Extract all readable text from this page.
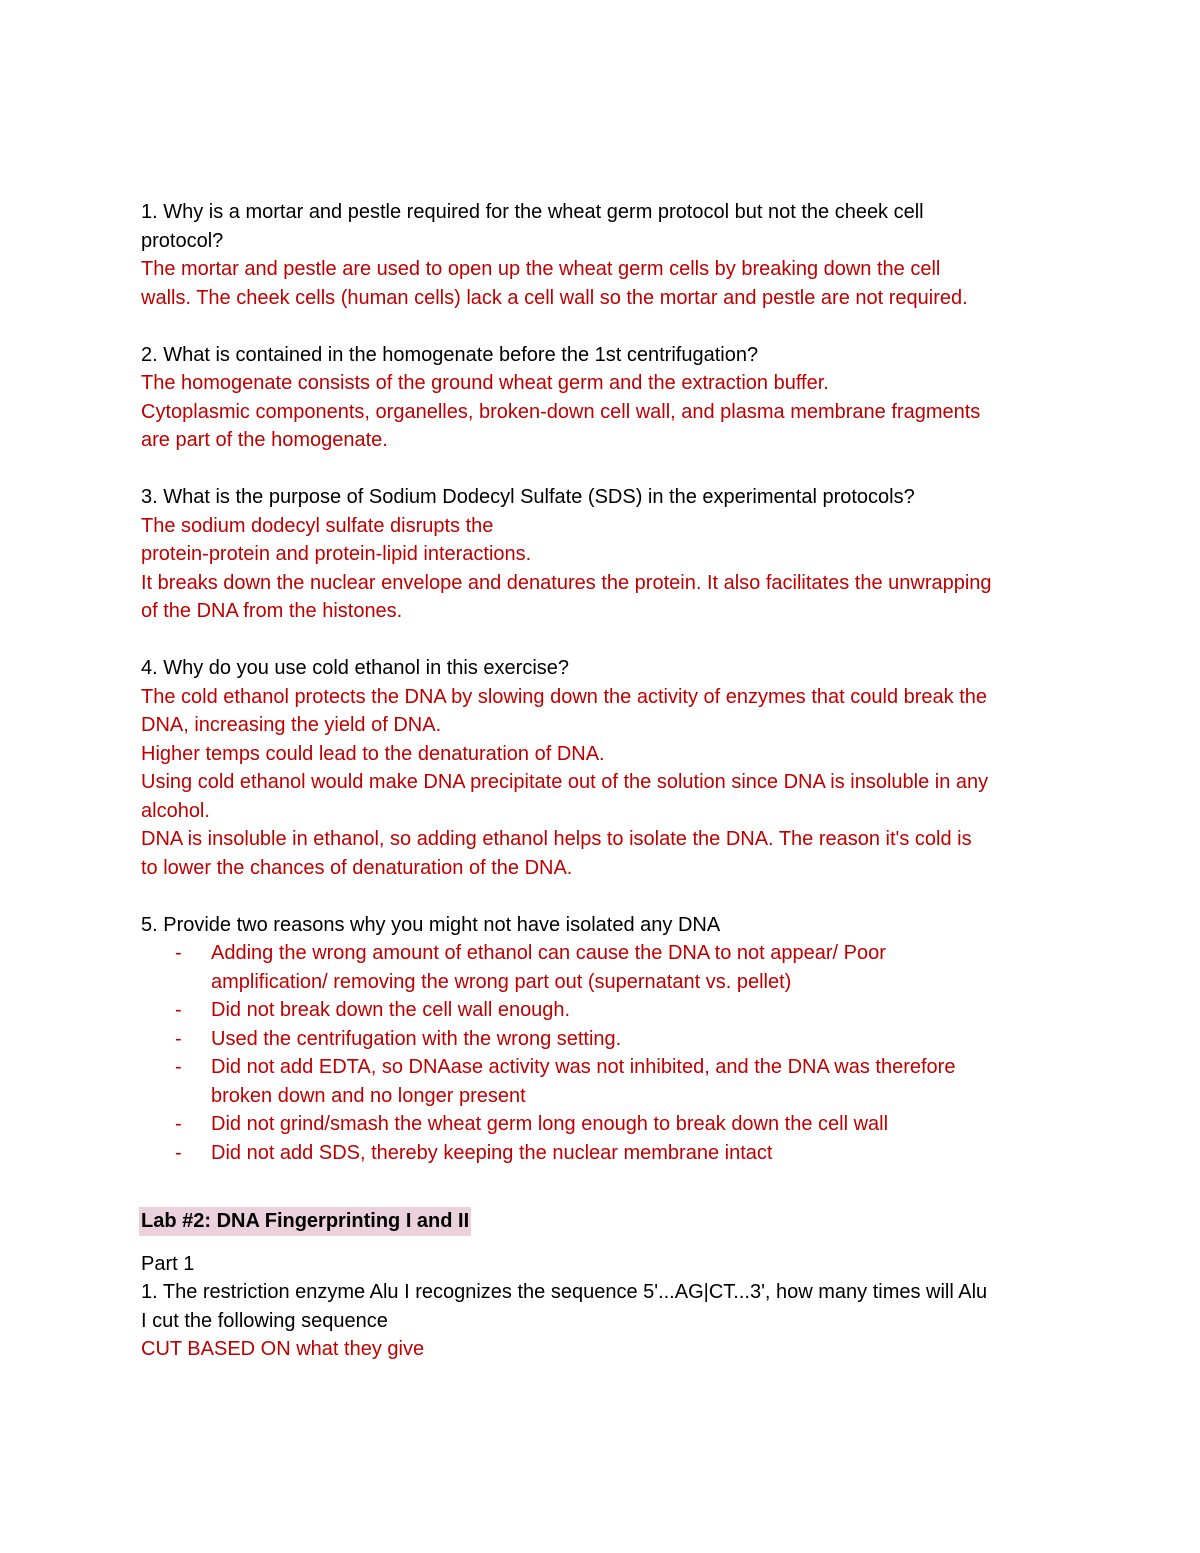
1. Why is a mortar and pestle required for the wheat germ protocol but not the cheek cell
protocol?
The mortar and pestle are used to open up the wheat germ cells by breaking down the cell
walls. The cheek cells (human cells) lack a cell wall so the mortar and pestle are not required.
2. What is contained in the homogenate before the 1st centrifugation?
The homogenate consists of the ground wheat germ and the extraction buffer.
Cytoplasmic components, organelles, broken-down cell wall, and plasma membrane fragments
are part of the homogenate.
3. What is the purpose of Sodium Dodecyl Sulfate (SDS) in the experimental protocols?
The sodium dodecyl sulfate disrupts the
protein-protein and protein-lipid interactions.
It breaks down the nuclear envelope and denatures the protein. It also facilitates the unwrapping
of the DNA from the histones.
4. Why do you use cold ethanol in this exercise?
The cold ethanol protects the DNA by slowing down the activity of enzymes that could break the
DNA, increasing the yield of DNA.
Higher temps could lead to the denaturation of DNA.
Using cold ethanol would make DNA precipitate out of the solution since DNA is insoluble in any
alcohol.
DNA is insoluble in ethanol, so adding ethanol helps to isolate the DNA. The reason it's cold is
to lower the chances of denaturation of the DNA.
5. Provide two reasons why you might not have isolated any DNA
- Adding the wrong amount of ethanol can cause the DNA to not appear/ Poor
amplification/ removing the wrong part out (supernatant vs. pellet)
- Did not break down the cell wall enough.
- Used the centrifugation with the wrong setting.
- Did not add EDTA, so DNAase activity was not inhibited, and the DNA was therefore
broken down and no longer present
- Did not grind/smash the wheat germ long enough to break down the cell wall
- Did not add SDS, thereby keeping the nuclear membrane intact
Lab #2: DNA Fingerprinting I and II
Part 1
1. The restriction enzyme Alu I recognizes the sequence 5'...AG|CT...3', how many times will Alu
I cut the following sequence
CUT BASED ON what they give
